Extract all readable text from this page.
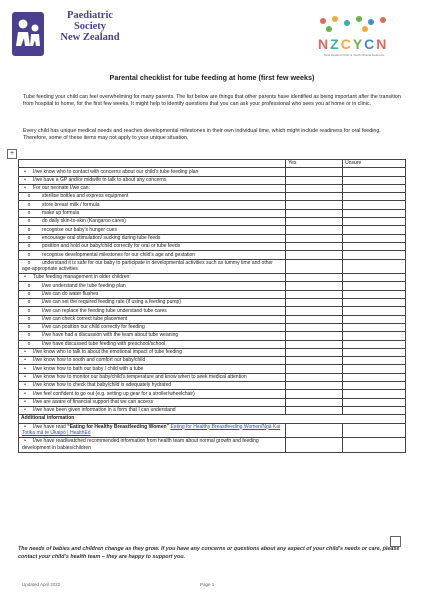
Paediatric
Society
New Zealand	NZCYCN
New Zealand Child & Youth Clinical Networks
Parental checklist for tube feeding at home (first few weeks)
Tube feeding your child can feel overwhelming for many parents. The list below are things that other parents have identified as being important after the transition from hospital to home, for the first few weeks. It might help to identify questions that you can ask your professional who sees you at home or in clinic.
Every child has unique medical needs and reaches developmental milestones in their own individual time, which might include readiness for oral feeding. Therefore, some of these items may not apply to your unique situation.
+
	Yes	Unsure
• I/we know who to contact with concerns about our child’s tube feeding plan		
• I/we have a GP and/or midwife to talk to about any concerns		
• For our neonate I/we can:		
o sterilise bottles and express equipment		
o store breast milk / formula		
o make up formula		
o do daily skin-to-skin (Kangaroo cares)		
o recognise our baby’s hunger cues		
o encourage oral stimulation/ sucking during tube feeds		
o position and hold our baby/child correctly for oral or tube feeds		
o recognise developmental milestones for our child’s age and gestation		
o understand it is safe for our baby to participate in developmental activities such as tummy time and other age-appropriate activities		
• Tube feeding management in older children:		
o I/we understand the tube feeding plan		
o I/we can do water flushes		
o I/we can set the required feeding rate (if using a feeding pump)		
o I/we can replace the feeding tube understand tube cares		
o I/we can check correct tube placement		
o I/we can position our child correctly for feeding		
o I/we have had a discussion with the team about tube weaning		
o I/we have discussed tube feeding with preschool/school		
• I/we know who to talk to about the emotional impact of tube feeding		
• I/we know how to sooth and comfort our baby/child		
• I/we know how to bath our baby / child with a tube		
• I/we know how to monitor our baby/child’s temperature and know when to seek medical attention		
• I/we know how to check that baby/child is adequately hydrated		
• I/we feel confident to go out (e.g. setting up gear for a stroller/wheelchair)		
• I/we are aware of financial support that we can access		
• I/we have been given information in a form that I can understand		
Additional information		
• I/we have read “Eating for Healthy Breastfeeding Women” Eating for Healthy Breastfeeding Women/Ngā Kai Totika mā te Ūkaipō | HealthEd		
• I/we have read/watched recommended information from health team about normal growth and feeding development in babies/children		
The needs of babies and children change as they grow. If you have any concerns or questions about any aspect of your child’s needs or care, please contact your child’s health team – they are happy to support you.
Updated April 2022	Page 1
